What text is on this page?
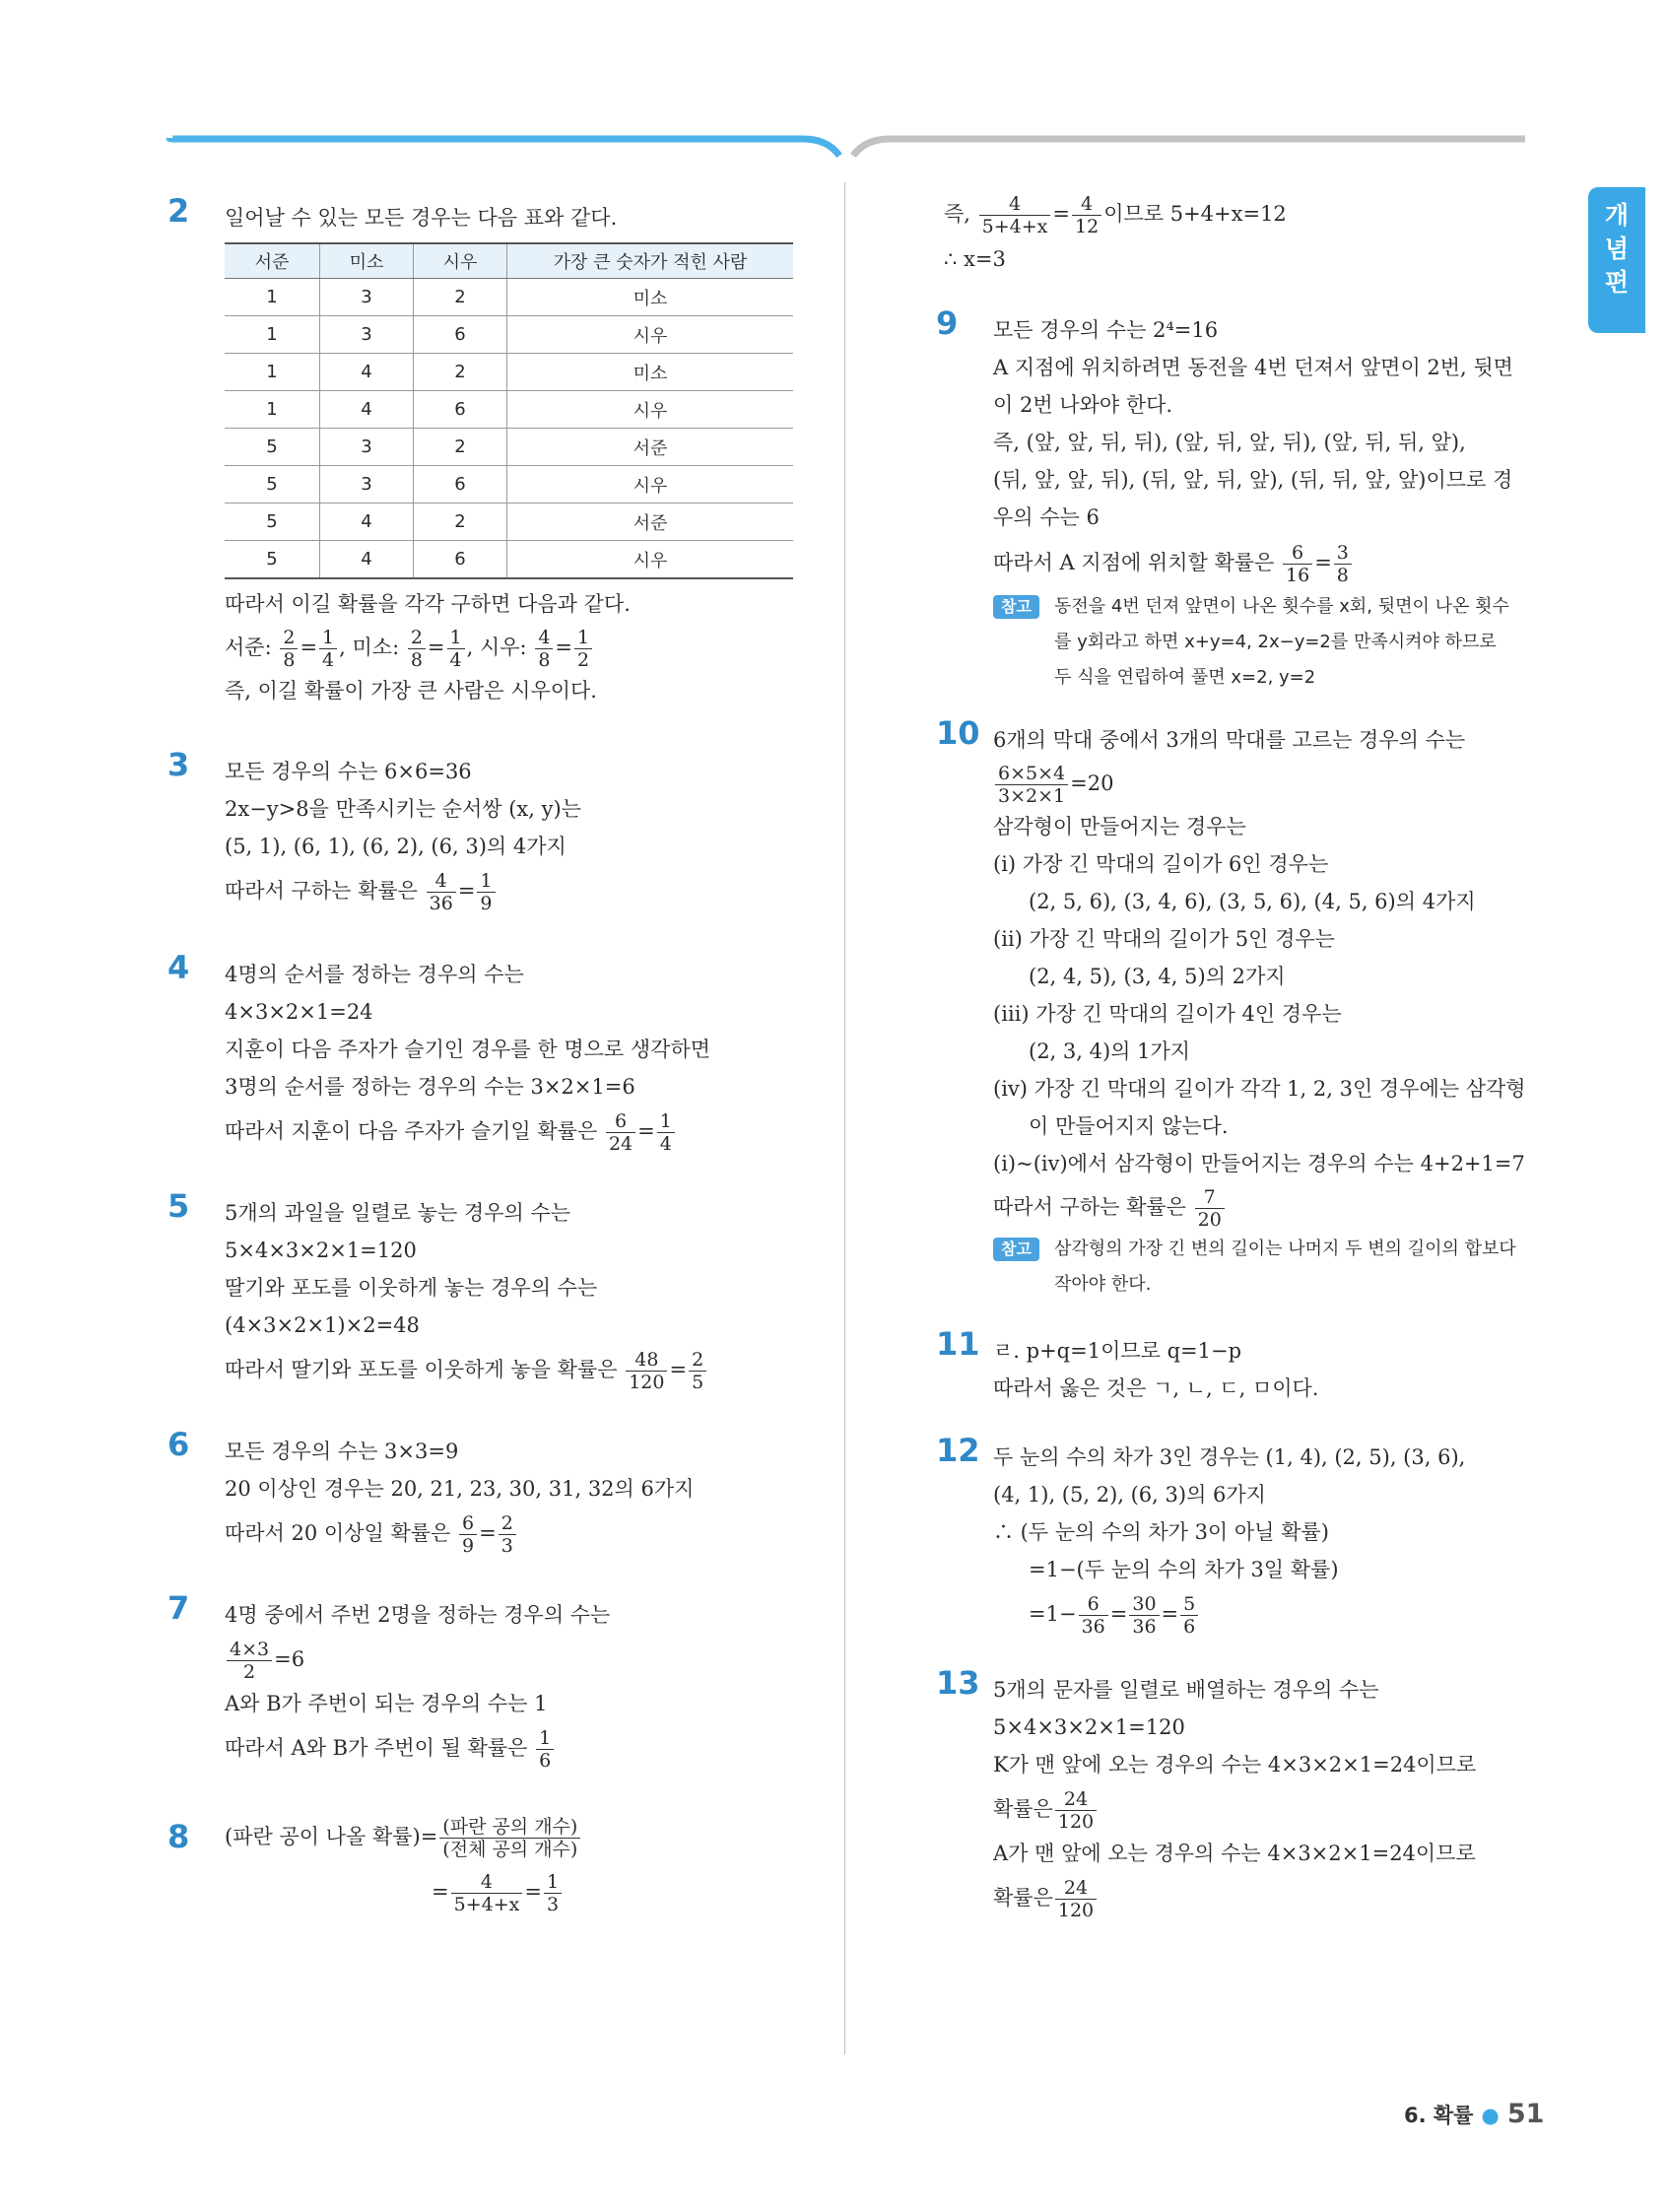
개
념
편
2 일어날 수 있는 모든 경우는 다음 표와 같다.
서준	미소	시우	가장 큰 숫자가 적힌 사람
1	3	2	미소
1	3	6	시우
1	4	2	미소
1	4	6	시우
5	3	2	서준
5	3	6	시우
5	4	2	서준
5	4	6	시우
따라서 이길 확률을 각각 구하면 다음과 같다.
서준: $\frac{2}{8} = \frac{1}{4}$ , 미소: $\frac{2}{8} = \frac{1}{4}$ , 시우: $\frac{4}{8} = \frac{1}{2}$
즉, 이길 확률이 가장 큰 사람은 시우이다.
3 모든 경우의 수는 6×6=36
2x−y>8을 만족시키는 순서쌍 (x, y)는
(5, 1), (6, 1), (6, 2), (6, 3)의 4가지
따라서 구하는 확률은 $\frac{4}{36} = \frac{1}{9}$
4 4명의 순서를 정하는 경우의 수는
4×3×2×1=24
지훈이 다음 주자가 슬기인 경우를 한 명으로 생각하면
3명의 순서를 정하는 경우의 수는 3×2×1=6
따라서 지훈이 다음 주자가 슬기일 확률은 $\frac{6}{24} = \frac{1}{4}$
5 5개의 과일을 일렬로 놓는 경우의 수는
5×4×3×2×1=120
딸기와 포도를 이웃하게 놓는 경우의 수는
(4×3×2×1)×2=48
따라서 딸기와 포도를 이웃하게 놓을 확률은 $\frac{48}{120} = \frac{2}{5}$
6 모든 경우의 수는 3×3=9
20 이상인 경우는 20, 21, 23, 30, 31, 32의 6가지
따라서 20 이상일 확률은 $\frac{6}{9} = \frac{2}{3}$
7 4명 중에서 주번 2명을 정하는 경우의 수는
$\frac{4\times 3}{2} =6$
A와 B가 주번이 되는 경우의 수는 1
따라서 A와 B가 주번이 될 확률은 $\frac{1}{6}$
8 (파란 공이 나올 확률)= $\frac{\text{(파란 공의 개수)}}{\text{(전체 공의 개수)}}$
= $\frac{4}{5+4+x} = \frac{1}{3}$
즉, $\frac{4}{5+4+x} = \frac{4}{12}$ 이므로 5+4+x=12
∴ x=3
9 모든 경우의 수는 2⁴=16
A 지점에 위치하려면 동전을 4번 던져서 앞면이 2번, 뒷면
이 2번 나와야 한다.
즉, (앞, 앞, 뒤, 뒤), (앞, 뒤, 앞, 뒤), (앞, 뒤, 뒤, 앞),
(뒤, 앞, 앞, 뒤), (뒤, 앞, 뒤, 앞), (뒤, 뒤, 앞, 앞)이므로 경
우의 수는 6
따라서 A 지점에 위치할 확률은 $\frac{6}{16} = \frac{3}{8}$
참고	동전을 4번 던져 앞면이 나온 횟수를 x회, 뒷면이 나온 횟수
를 y회라고 하면 x+y=4, 2x−y=2를 만족시켜야 하므로
두 식을 연립하여 풀면 x=2, y=2
10 6개의 막대 중에서 3개의 막대를 고르는 경우의 수는
$\frac{6\times 5\times 4}{3\times 2\times 1} =20$
삼각형이 만들어지는 경우는
(ⅰ) 가장 긴 막대의 길이가 6인 경우는
(2, 5, 6), (3, 4, 6), (3, 5, 6), (4, 5, 6)의 4가지
(ⅱ) 가장 긴 막대의 길이가 5인 경우는
(2, 4, 5), (3, 4, 5)의 2가지
(ⅲ) 가장 긴 막대의 길이가 4인 경우는
(2, 3, 4)의 1가지
(ⅳ) 가장 긴 막대의 길이가 각각 1, 2, 3인 경우에는 삼각형
이 만들어지지 않는다.
(ⅰ)~(ⅳ)에서 삼각형이 만들어지는 경우의 수는 4+2+1=7
따라서 구하는 확률은 $\frac{7}{20}$
참고	삼각형의 가장 긴 변의 길이는 나머지 두 변의 길이의 합보다
작아야 한다.
11 ㄹ. p+q=1이므로 q=1−p
따라서 옳은 것은 ㄱ, ㄴ, ㄷ, ㅁ이다.
12 두 눈의 수의 차가 3인 경우는 (1, 4), (2, 5), (3, 6),
(4, 1), (5, 2), (6, 3)의 6가지
∴ (두 눈의 수의 차가 3이 아닐 확률)
=1−(두 눈의 수의 차가 3일 확률)
$=1- \frac{6}{36} = \frac{30}{36} = \frac{5}{6}$
13 5개의 문자를 일렬로 배열하는 경우의 수는
5×4×3×2×1=120
K가 맨 앞에 오는 경우의 수는 4×3×2×1=24이므로
확률은 $\frac{24}{120}$
A가 맨 앞에 오는 경우의 수는 4×3×2×1=24이므로
확률은 $\frac{24}{120}$
6. 확률 ● 51
